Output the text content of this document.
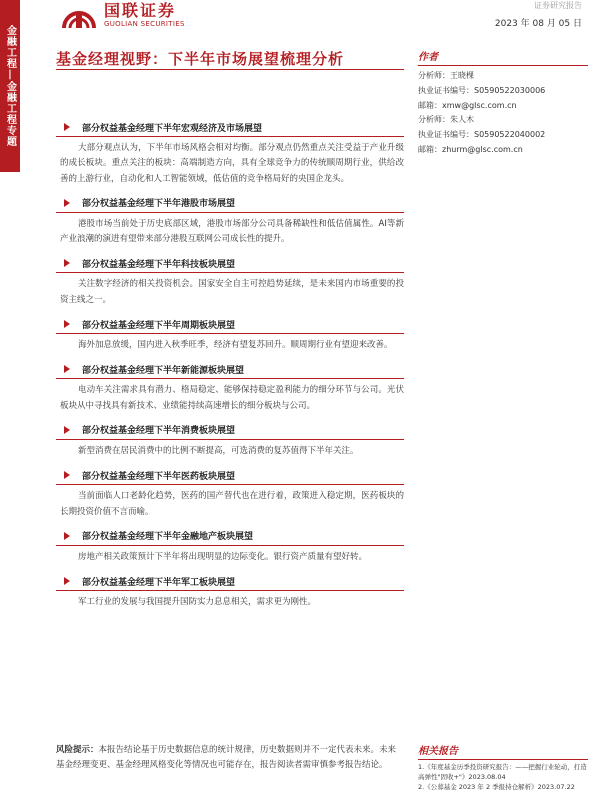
证券研究报告
金融工程|金融工程专题
国联证券
GUOLIAN SECURITIES	2023 年 08 月 05 日
基金经理视野：下半年市场展望梳理分析
部分权益基金经理下半年宏观经济及市场展望

大部分观点认为，下半年市场风格会相对均衡。部分观点仍然重点关注受益于产业升级的成长板块。重点关注的板块：高端制造方向，具有全球竞争力的传统顺周期行业，供给改善的上游行业，自动化和人工智能领域，低估值的竞争格局好的央国企龙头。

部分权益基金经理下半年港股市场展望

港股市场当前处于历史底部区域，港股市场部分公司具备稀缺性和低估值属性。AI等新产业浪潮的演进有望带来部分港股互联网公司成长性的提升。

部分权益基金经理下半年科技板块展望

关注数字经济的相关投资机会。国家安全自主可控趋势延续，是未来国内市场重要的投资主线之一。

部分权益基金经理下半年周期板块展望

海外加息放缓，国内进入秋季旺季，经济有望复苏回升。顺周期行业有望迎来改善。

部分权益基金经理下半年新能源板块展望

电动车关注需求具有潜力、格局稳定、能够保持稳定盈利能力的细分环节与公司。光伏板块从中寻找具有新技术、业绩能持续高速增长的细分板块与公司。

部分权益基金经理下半年消费板块展望

新型消费在居民消费中的比例不断提高，可选消费的复苏值得下半年关注。

部分权益基金经理下半年医药板块展望

当前面临人口老龄化趋势，医药的国产替代也在进行着，政策进入稳定期，医药板块的长期投资价值不言而喻。

部分权益基金经理下半年金融地产板块展望

房地产相关政策预计下半年将出现明显的边际变化。银行资产质量有望好转。

部分权益基金经理下半年军工板块展望

军工行业的发展与我国提升国防实力息息相关，需求更为刚性。

作者
分析师：王晓棵
执业证书编号：S0590522030006
邮箱：xmw@glsc.com.cn
分析师：朱人木
执业证书编号：S0590522040002
邮箱：zhurm@glsc.com.cn
风险提示：本报告结论基于历史数据信息的统计规律，历史数据则并不一定代表未来。未来基金经理变更、基金经理风格变化等情况也可能存在，报告阅读者需审慎参考报告结论。
相关报告
1.《年度基金历季投资研究报告：——把握行业轮动，打造高弹性"固收+"》2023.08.04
2.《公募基金 2023 年 2 季报持仓解析》2023.07.22
